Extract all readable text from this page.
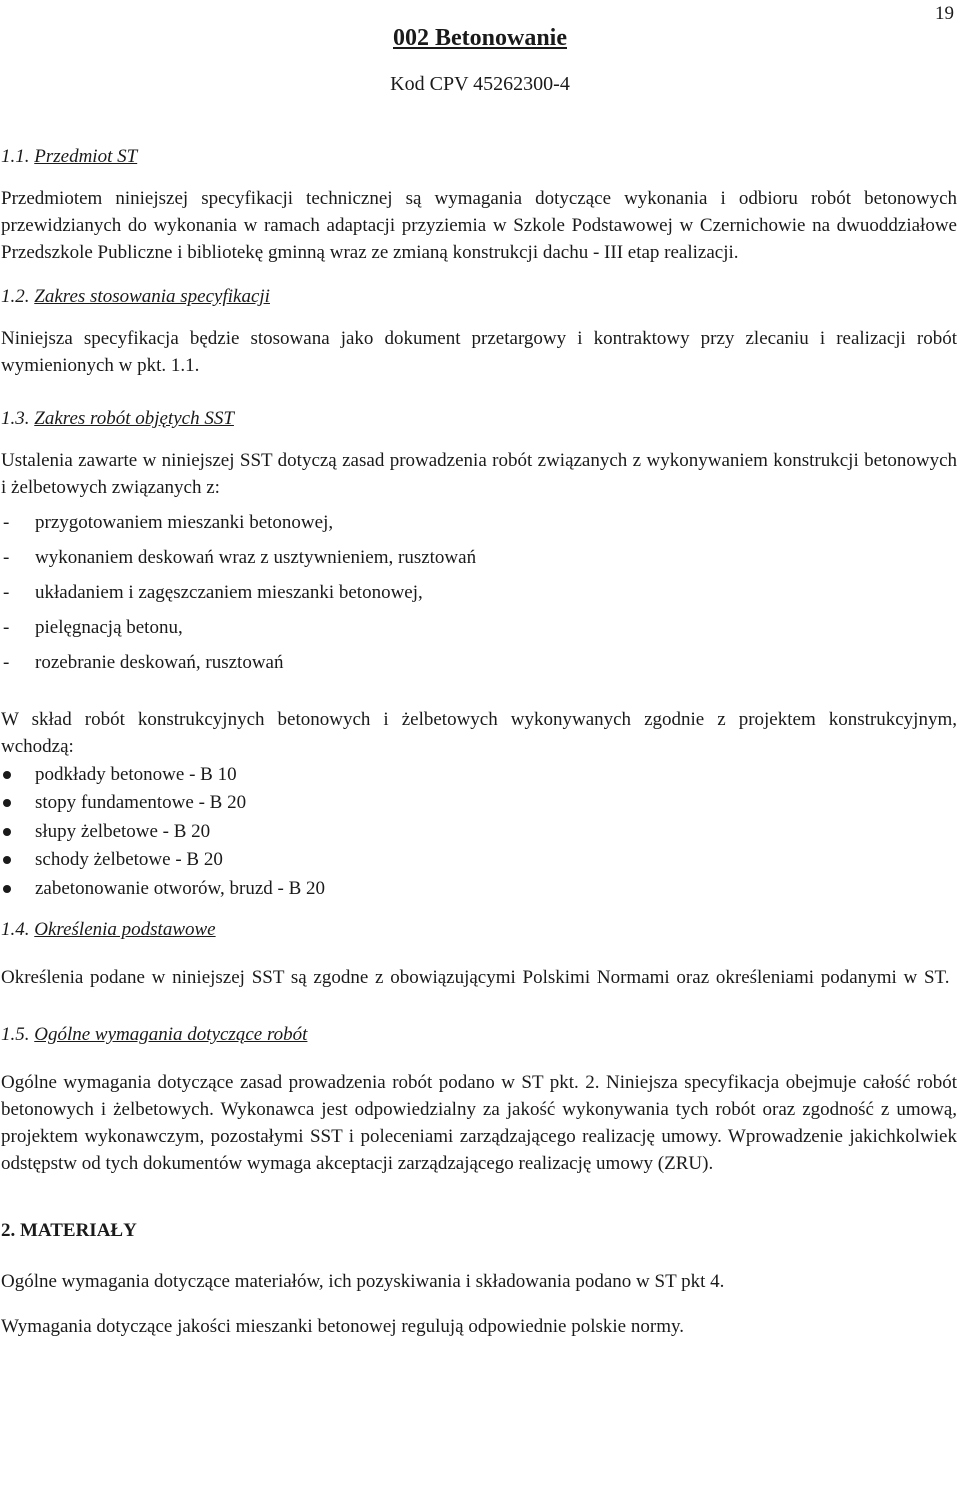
19
002 Betonowanie
Kod CPV 45262300-4
1.1. Przedmiot ST

Przedmiotem niniejszej specyfikacji technicznej są wymagania dotyczące wykonania i odbioru robót betonowych przewidzianych do wykonania w ramach adaptacji przyziemia w Szkole Podstawowej w Czernichowie na dwuoddziałowe Przedszkole Publiczne i bibliotekę gminną wraz ze zmianą konstrukcji dachu - III etap realizacji.

1.2. Zakres stosowania specyfikacji

Niniejsza specyfikacja będzie stosowana jako dokument przetargowy i kontraktowy przy zlecaniu i realizacji robót wymienionych w pkt. 1.1.

1.3. Zakres robót objętych SST

Ustalenia zawarte w niniejszej SST dotyczą zasad prowadzenia robót związanych z wykonywaniem konstrukcji betonowych i żelbetowych związanych z:

- przygotowaniem mieszanki betonowej,
- wykonaniem deskowań wraz z usztywnieniem, rusztowań
- układaniem i zagęszczaniem mieszanki betonowej,
- pielęgnacją betonu,
- rozebranie deskowań, rusztowań

W skład robót konstrukcyjnych betonowych i żelbetowych wykonywanych zgodnie z projektem konstrukcyjnym, wchodzą:

podkłady betonowe - B 10
stopy fundamentowe - B 20
słupy żelbetowe - B 20
schody żelbetowe - B 20
zabetonowanie otworów, bruzd - B 20
1.4. Określenia podstawowe

Określenia podane w niniejszej SST są zgodne z obowiązującymi Polskimi Normami oraz określeniami podanymi w ST.

1.5. Ogólne wymagania dotyczące robót

Ogólne wymagania dotyczące zasad prowadzenia robót podano w ST pkt. 2. Niniejsza specyfikacja obejmuje całość robót betonowych i żelbetowych. Wykonawca jest odpowiedzialny za jakość wykonywania tych robót oraz zgodność z umową, projektem wykonawczym, pozostałymi SST i poleceniami zarządzającego realizację umowy. Wprowadzenie jakichkolwiek odstępstw od tych dokumentów wymaga akceptacji zarządzającego realizację umowy (ZRU).

2. MATERIAŁY

Ogólne wymagania dotyczące materiałów, ich pozyskiwania i składowania podano w ST pkt 4.

Wymagania dotyczące jakości mieszanki betonowej regulują odpowiednie polskie normy.
